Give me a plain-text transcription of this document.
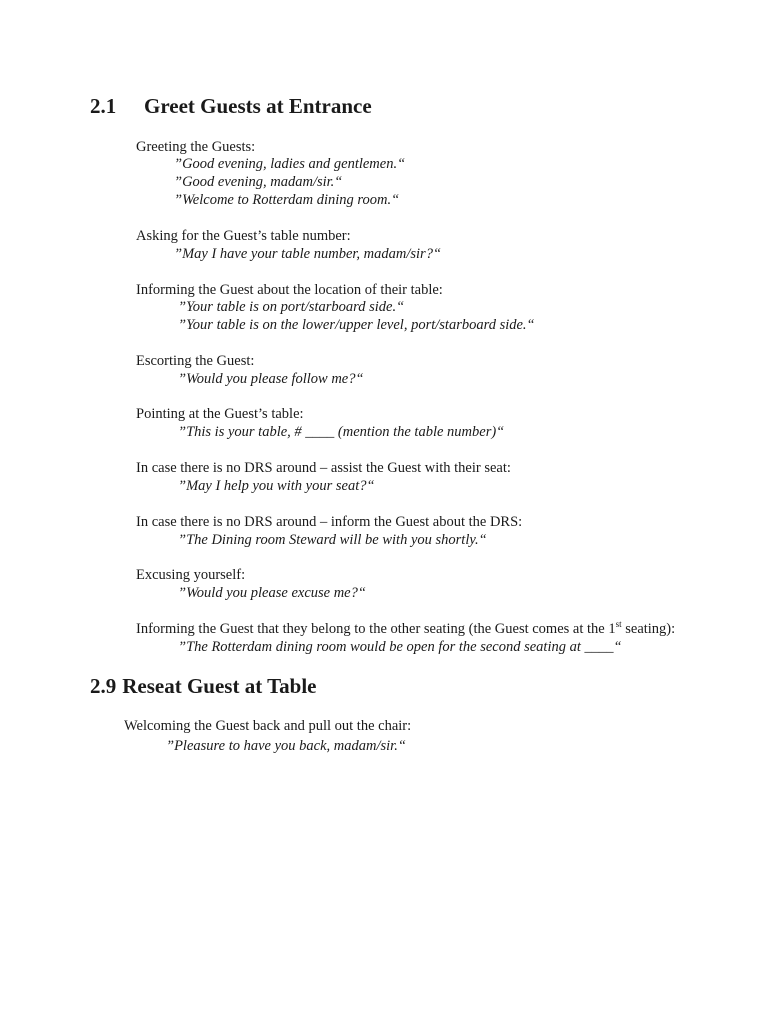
2.1 Greet Guests at Entrance

Greeting the Guests:

”Good evening, ladies and gentlemen.“

”Good evening, madam/sir.“

”Welcome to Rotterdam dining room.“

Asking for the Guest’s table number:

”May I have your table number, madam/sir?“

Informing the Guest about the location of their table:

”Your table is on port/starboard side.“

”Your table is on the lower/upper level, port/starboard side.“

Escorting the Guest:

”Would you please follow me?“

Pointing at the Guest’s table:

”This is your table, # ____ (mention the table number)“

In case there is no DRS around – assist the Guest with their seat:

”May I help you with your seat?“

In case there is no DRS around – inform the Guest about the DRS:

”The Dining room Steward will be with you shortly.“

Excusing yourself:

”Would you please excuse me?“

Informing the Guest that they belong to the other seating (the Guest comes at the 1st seating):

”The Rotterdam dining room would be open for the second seating at ____“

2.9 Reseat Guest at Table

Welcoming the Guest back and pull out the chair:

”Pleasure to have you back, madam/sir.“
